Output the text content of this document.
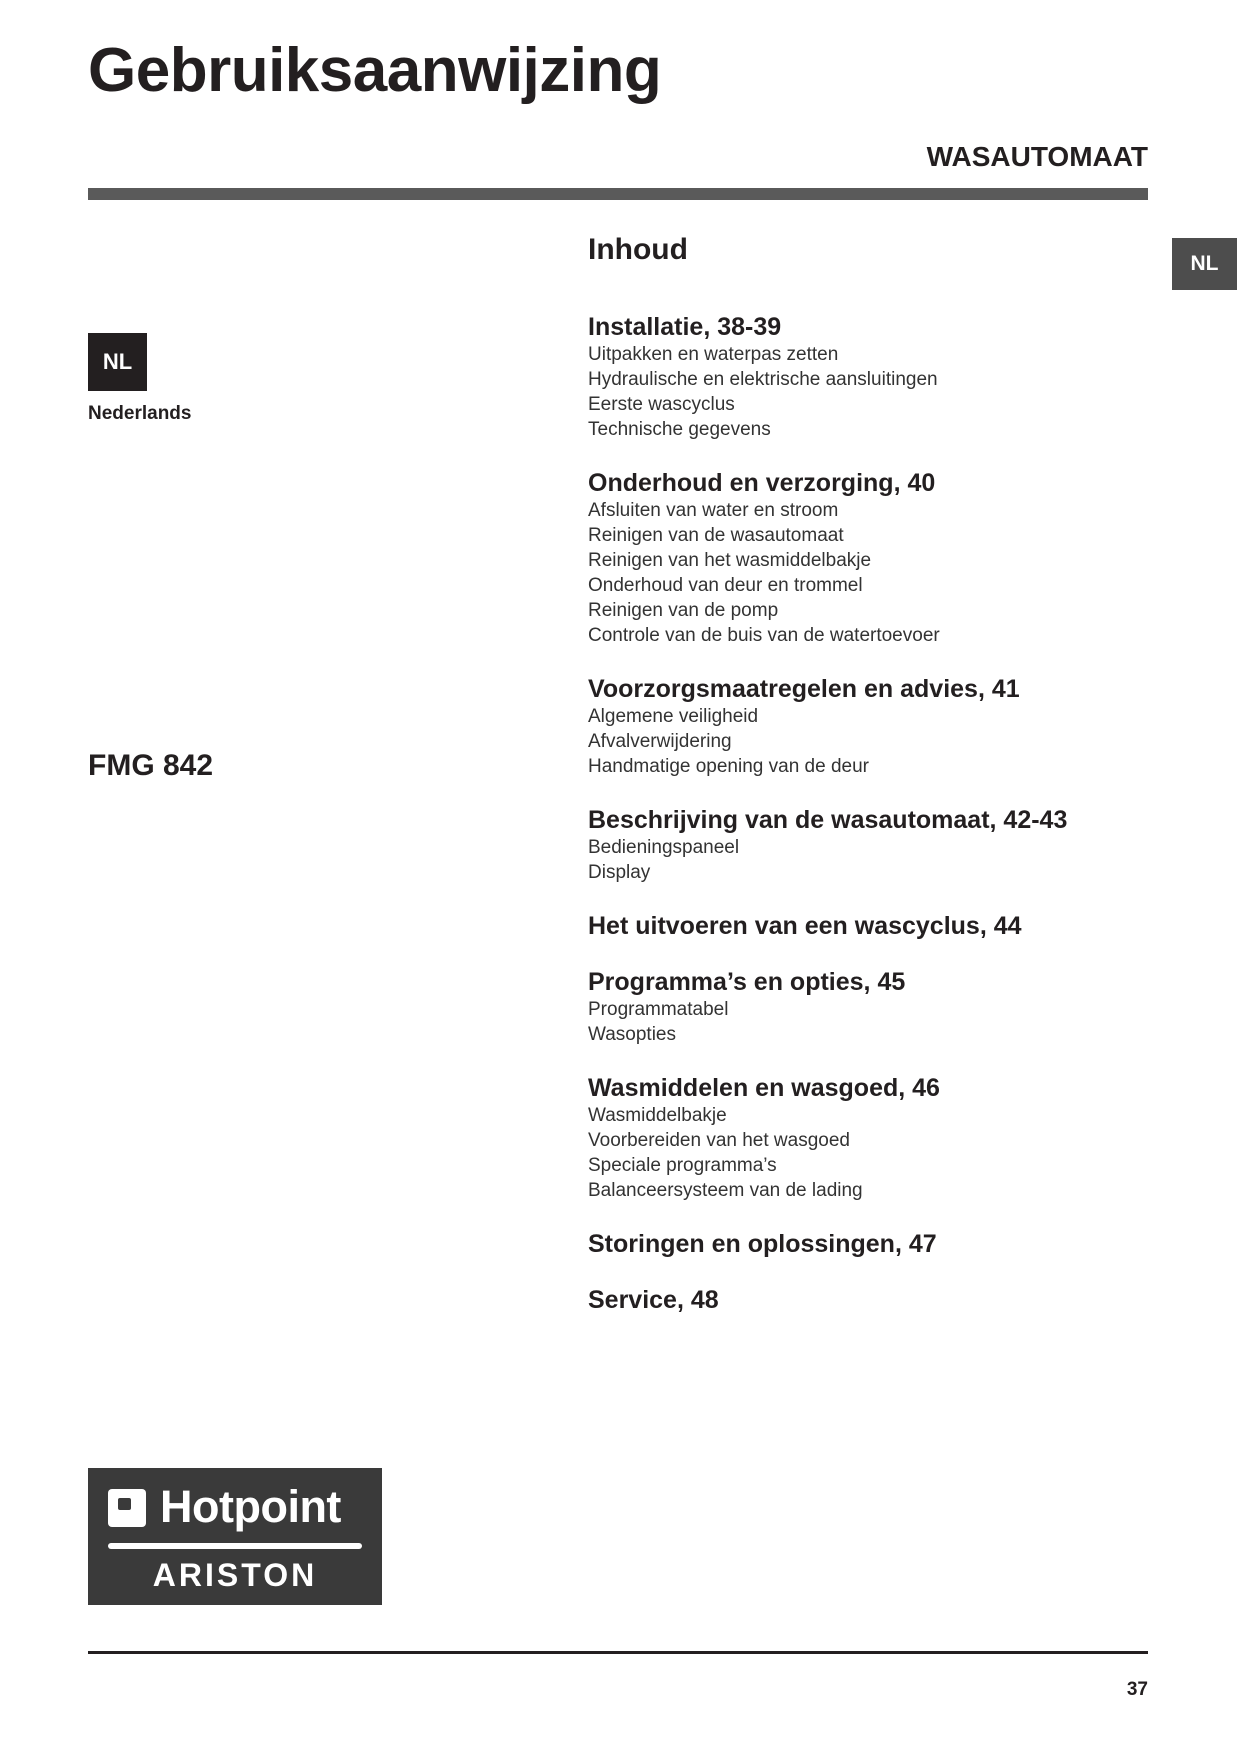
Gebruiksaanwijzing
WASAUTOMAAT
NL
NL
Nederlands
FMG 842
Inhoud
Installatie, 38-39
Uitpakken en waterpas zetten
Hydraulische en elektrische aansluitingen
Eerste wascyclus
Technische gegevens
Onderhoud en verzorging, 40
Afsluiten van water en stroom
Reinigen van de wasautomaat
Reinigen van het wasmiddelbakje
Onderhoud van deur en trommel
Reinigen van de pomp
Controle van de buis van de watertoevoer
Voorzorgsmaatregelen en advies, 41
Algemene veiligheid
Afvalverwijdering
Handmatige opening van de deur
Beschrijving van de wasautomaat, 42-43
Bedieningspaneel
Display
Het uitvoeren van een wascyclus, 44
Programma’s en opties, 45
Programmatabel
Wasopties
Wasmiddelen en wasgoed, 46
Wasmiddelbakje
Voorbereiden van het wasgoed
Speciale programma’s
Balanceersysteem van de lading
Storingen en oplossingen, 47
Service, 48
Hotpoint
ARISTON
37
